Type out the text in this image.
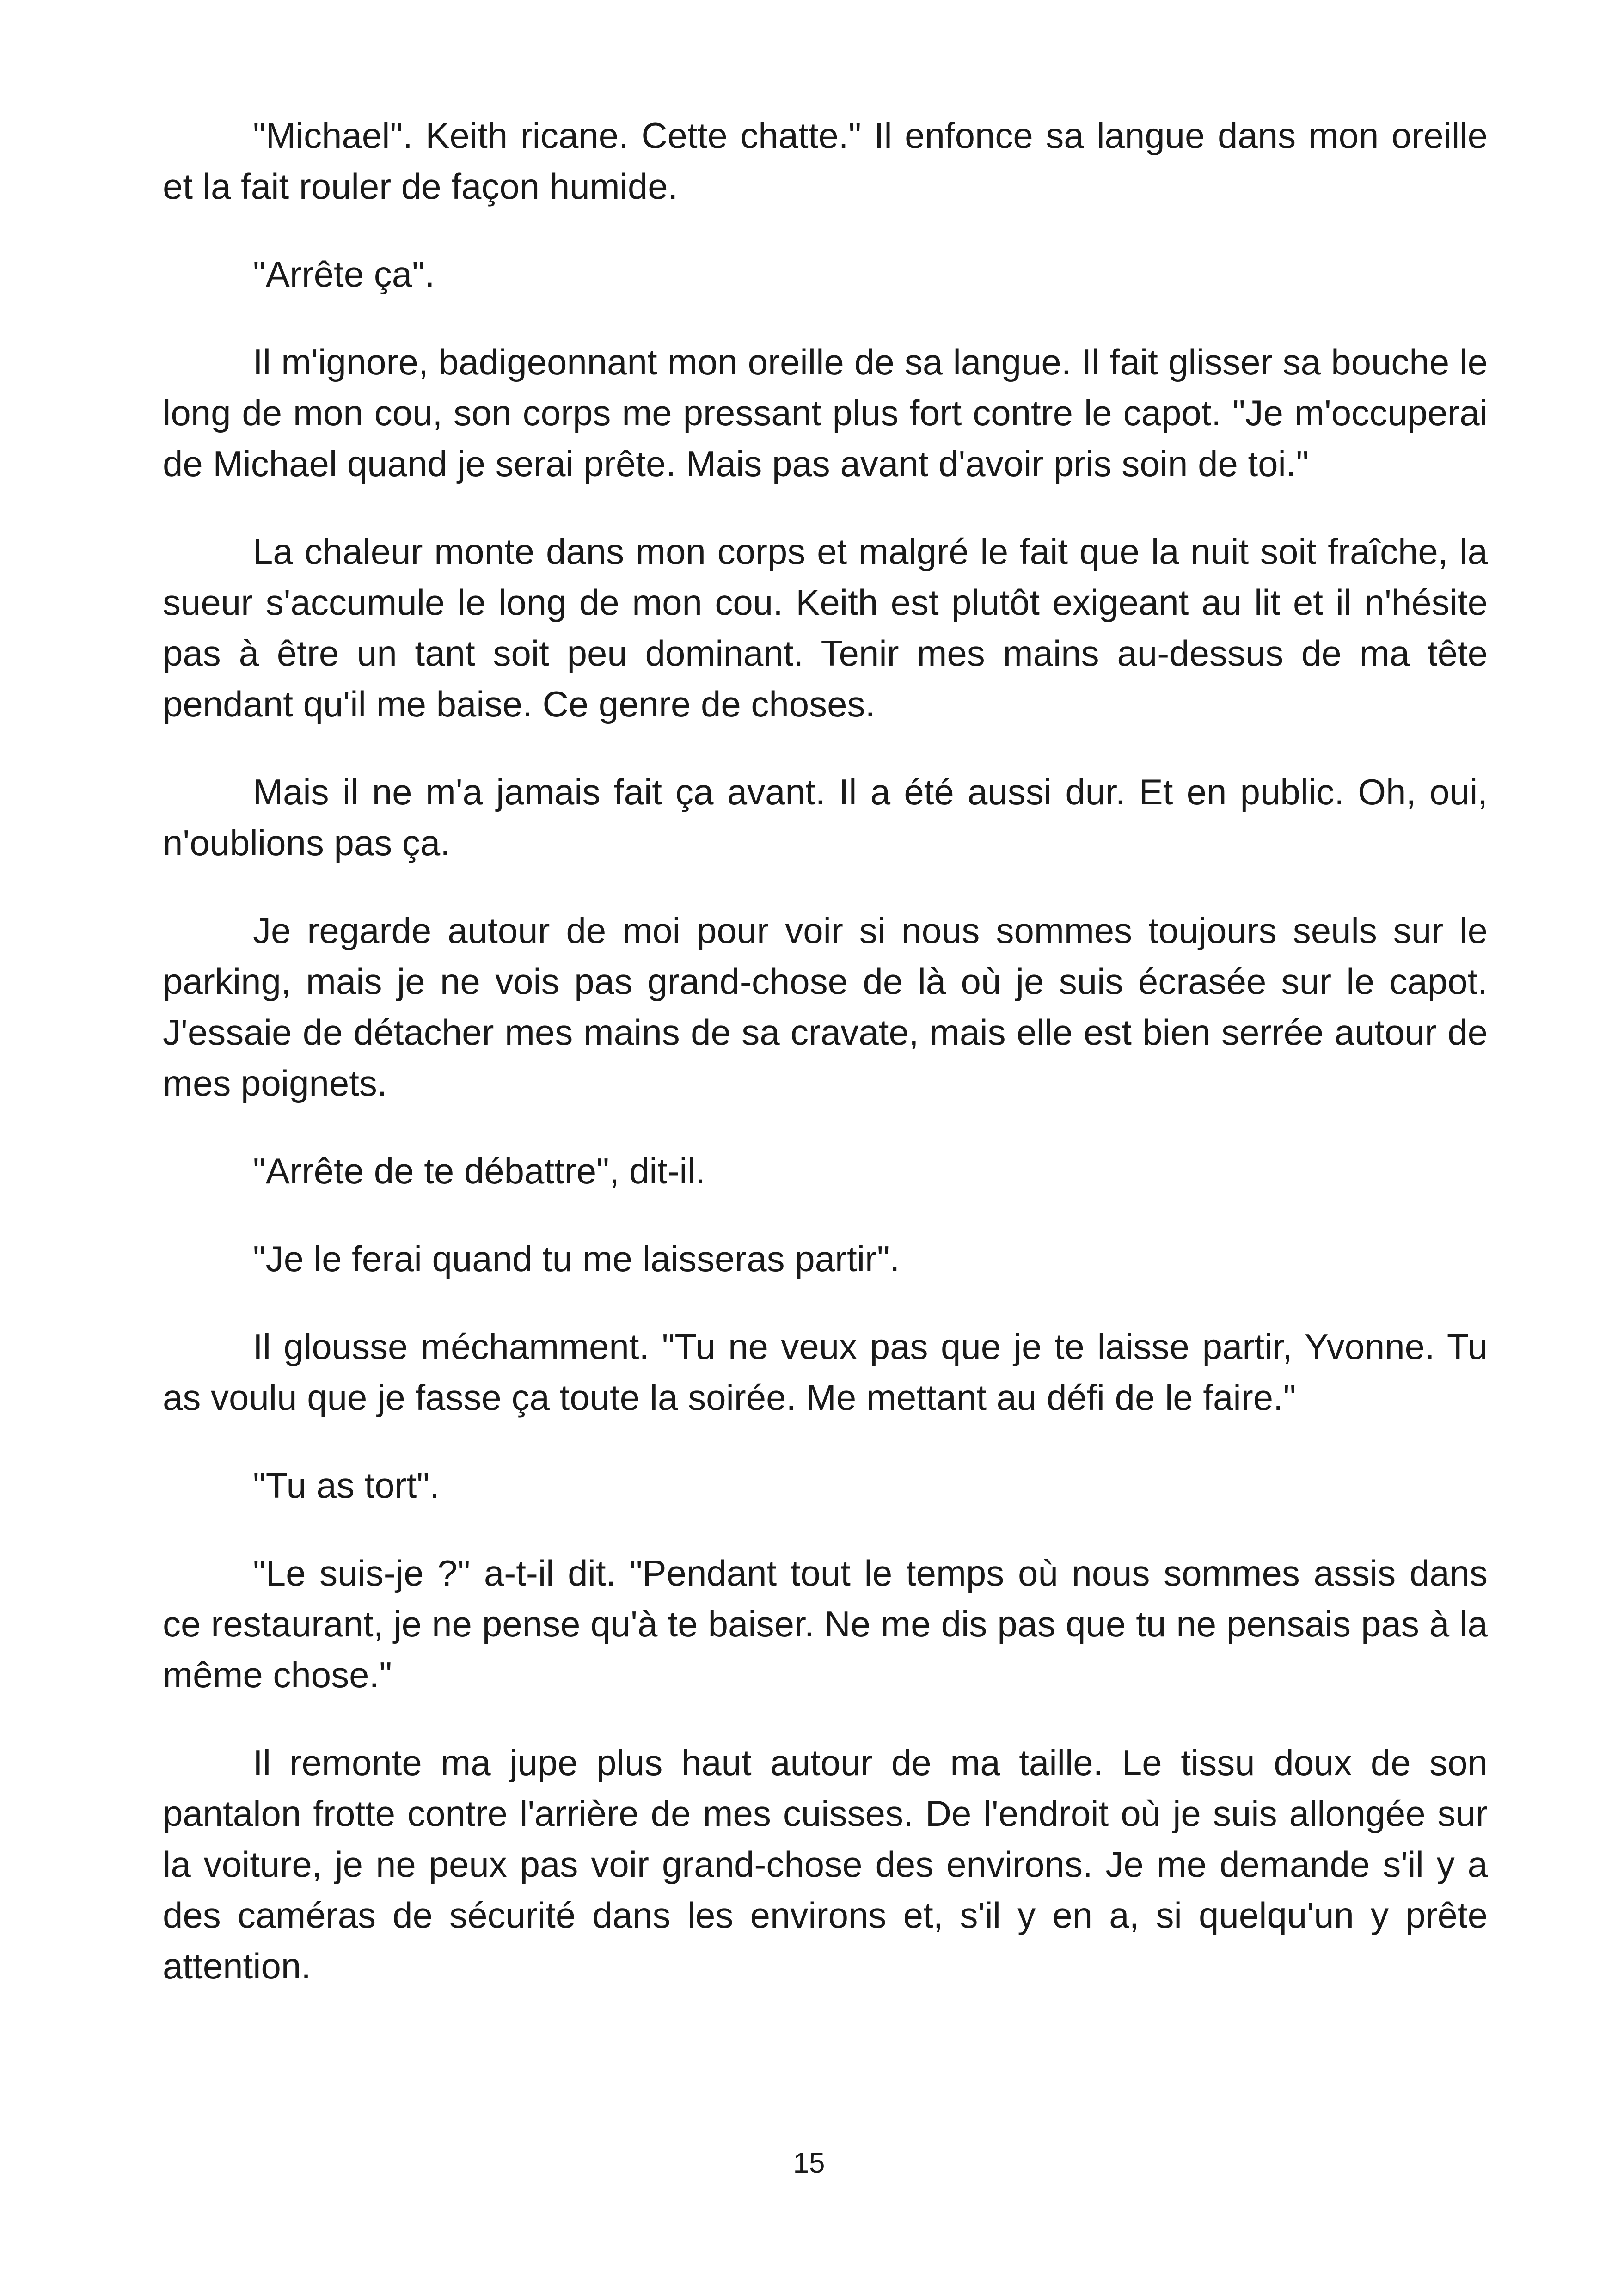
"Michael". Keith ricane. Cette chatte." Il enfonce sa langue dans mon oreille et la fait rouler de façon humide.

"Arrête ça".

Il m'ignore, badigeonnant mon oreille de sa langue. Il fait glisser sa bouche le long de mon cou, son corps me pressant plus fort contre le capot. "Je m'occuperai de Michael quand je serai prête. Mais pas avant d'avoir pris soin de toi."

La chaleur monte dans mon corps et malgré le fait que la nuit soit fraîche, la sueur s'accumule le long de mon cou. Keith est plutôt exigeant au lit et il n'hésite pas à être un tant soit peu dominant. Tenir mes mains au-dessus de ma tête pendant qu'il me baise. Ce genre de choses.

Mais il ne m'a jamais fait ça avant. Il a été aussi dur. Et en public. Oh, oui, n'oublions pas ça.

Je regarde autour de moi pour voir si nous sommes toujours seuls sur le parking, mais je ne vois pas grand-chose de là où je suis écrasée sur le capot. J'essaie de détacher mes mains de sa cravate, mais elle est bien serrée autour de mes poignets.

"Arrête de te débattre", dit-il.

"Je le ferai quand tu me laisseras partir".

Il glousse méchamment. "Tu ne veux pas que je te laisse partir, Yvonne. Tu as voulu que je fasse ça toute la soirée. Me mettant au défi de le faire."

"Tu as tort".

"Le suis-je ?" a-t-il dit. "Pendant tout le temps où nous sommes assis dans ce restaurant, je ne pense qu'à te baiser. Ne me dis pas que tu ne pensais pas à la même chose."

Il remonte ma jupe plus haut autour de ma taille. Le tissu doux de son pantalon frotte contre l'arrière de mes cuisses. De l'endroit où je suis allongée sur la voiture, je ne peux pas voir grand-chose des environs. Je me demande s'il y a des caméras de sécurité dans les environs et, s'il y en a, si quelqu'un y prête attention.

15
